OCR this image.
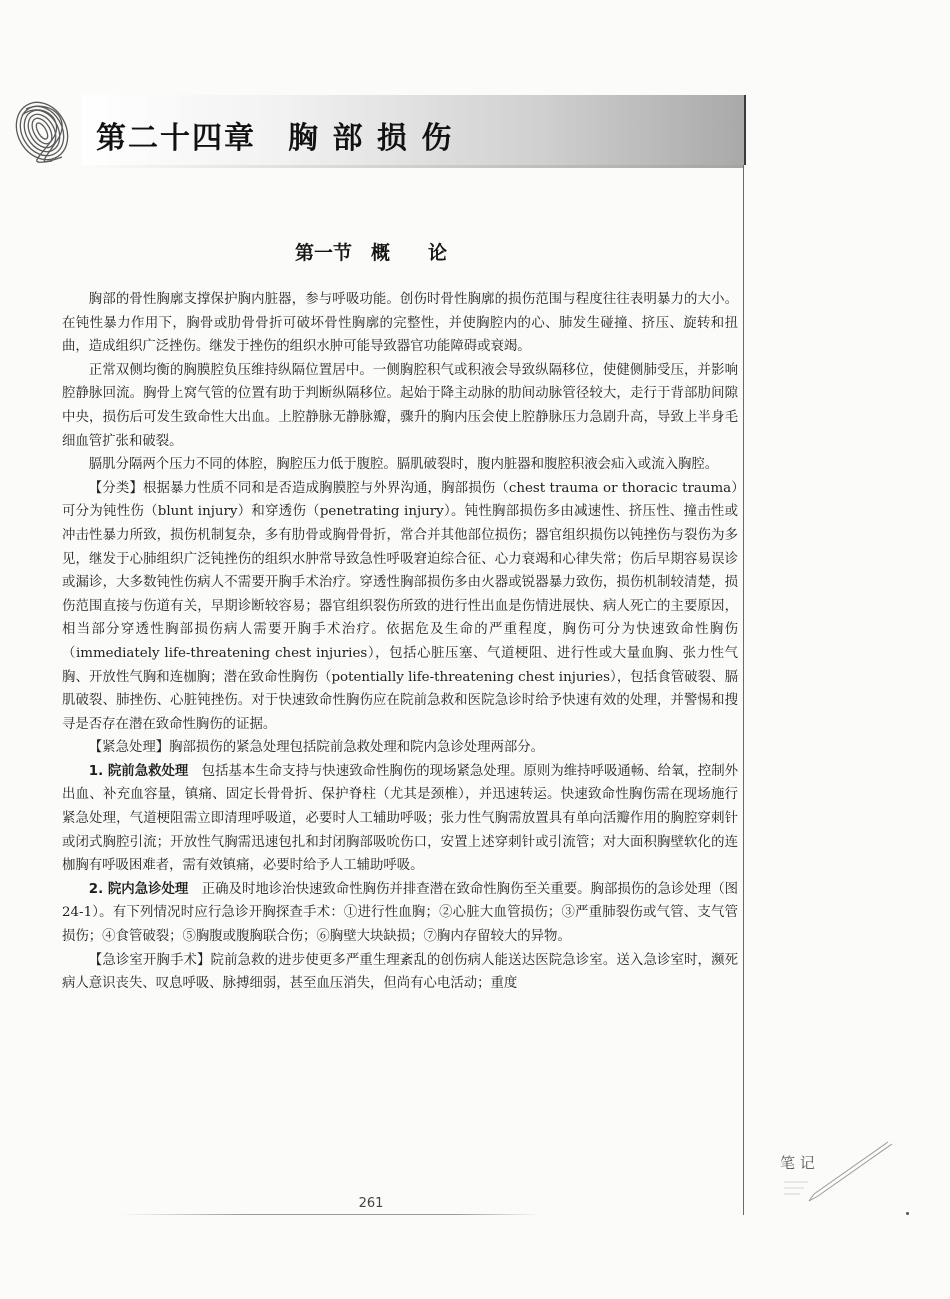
第二十四章　胸 部 损 伤
第一节　概　　论

胸部的骨性胸廓支撑保护胸内脏器，参与呼吸功能。创伤时骨性胸廓的损伤范围与程度往往表明暴力的大小。在钝性暴力作用下，胸骨或肋骨骨折可破坏骨性胸廓的完整性，并使胸腔内的心、肺发生碰撞、挤压、旋转和扭曲，造成组织广泛挫伤。继发于挫伤的组织水肿可能导致器官功能障碍或衰竭。

正常双侧均衡的胸膜腔负压维持纵隔位置居中。一侧胸腔积气或积液会导致纵隔移位，使健侧肺受压，并影响腔静脉回流。胸骨上窝气管的位置有助于判断纵隔移位。起始于降主动脉的肋间动脉管径较大，走行于背部肋间隙中央，损伤后可发生致命性大出血。上腔静脉无静脉瓣，骤升的胸内压会使上腔静脉压力急剧升高，导致上半身毛细血管扩张和破裂。

膈肌分隔两个压力不同的体腔，胸腔压力低于腹腔。膈肌破裂时，腹内脏器和腹腔积液会疝入或流入胸腔。

【分类】根据暴力性质不同和是否造成胸膜腔与外界沟通，胸部损伤（chest trauma or thoracic trauma）可分为钝性伤（blunt injury）和穿透伤（penetrating injury）。钝性胸部损伤多由减速性、挤压性、撞击性或冲击性暴力所致，损伤机制复杂，多有肋骨或胸骨骨折，常合并其他部位损伤；器官组织损伤以钝挫伤与裂伤为多见，继发于心肺组织广泛钝挫伤的组织水肿常导致急性呼吸窘迫综合征、心力衰竭和心律失常；伤后早期容易误诊或漏诊，大多数钝性伤病人不需要开胸手术治疗。穿透性胸部损伤多由火器或锐器暴力致伤，损伤机制较清楚，损伤范围直接与伤道有关，早期诊断较容易；器官组织裂伤所致的进行性出血是伤情进展快、病人死亡的主要原因，相当部分穿透性胸部损伤病人需要开胸手术治疗。依据危及生命的严重程度，胸伤可分为快速致命性胸伤（immediately life-threatening chest injuries），包括心脏压塞、气道梗阻、进行性或大量血胸、张力性气胸、开放性气胸和连枷胸；潜在致命性胸伤（potentially life-threatening chest injuries），包括食管破裂、膈肌破裂、肺挫伤、心脏钝挫伤。对于快速致命性胸伤应在院前急救和医院急诊时给予快速有效的处理，并警惕和搜寻是否存在潜在致命性胸伤的证据。

【紧急处理】胸部损伤的紧急处理包括院前急救处理和院内急诊处理两部分。

1. 院前急救处理　包括基本生命支持与快速致命性胸伤的现场紧急处理。原则为维持呼吸通畅、给氧，控制外出血、补充血容量，镇痛、固定长骨骨折、保护脊柱（尤其是颈椎），并迅速转运。快速致命性胸伤需在现场施行紧急处理，气道梗阻需立即清理呼吸道，必要时人工辅助呼吸；张力性气胸需放置具有单向活瓣作用的胸腔穿刺针或闭式胸腔引流；开放性气胸需迅速包扎和封闭胸部吸吮伤口，安置上述穿刺针或引流管；对大面积胸壁软化的连枷胸有呼吸困难者，需有效镇痛，必要时给予人工辅助呼吸。

2. 院内急诊处理　正确及时地诊治快速致命性胸伤并排查潜在致命性胸伤至关重要。胸部损伤的急诊处理（图 24-1）。有下列情况时应行急诊开胸探查手术：①进行性血胸；②心脏大血管损伤；③严重肺裂伤或气管、支气管损伤；④食管破裂；⑤胸腹或腹胸联合伤；⑥胸壁大块缺损；⑦胸内存留较大的异物。

【急诊室开胸手术】院前急救的进步使更多严重生理紊乱的创伤病人能送达医院急诊室。送入急诊室时，濒死病人意识丧失、叹息呼吸、脉搏细弱，甚至血压消失，但尚有心电活动；重度

261
笔 记
